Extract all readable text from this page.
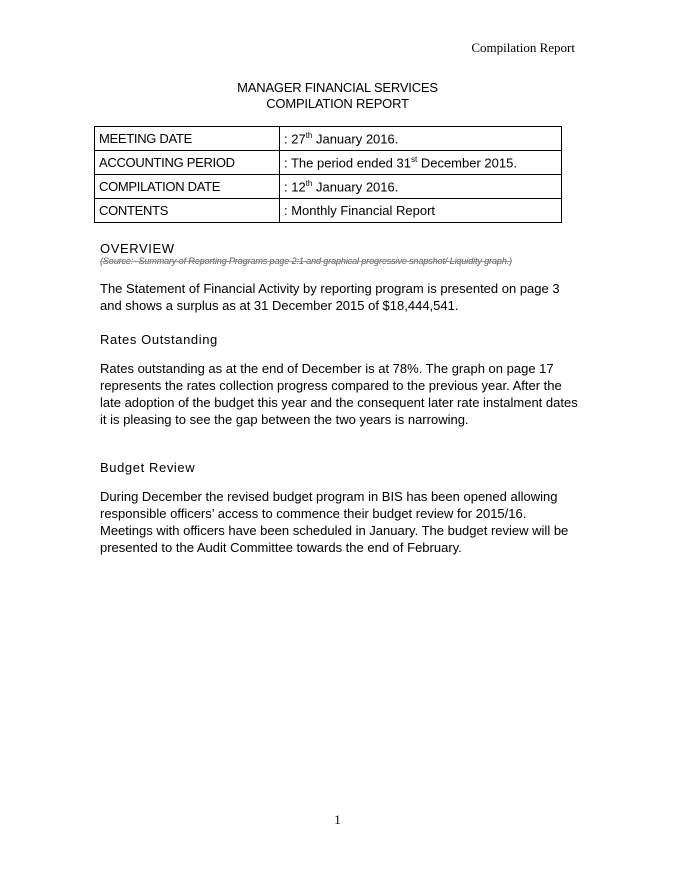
Compilation Report
MANAGER FINANCIAL SERVICES
COMPILATION REPORT
MEETING DATE	: 27th January 2016.
ACCOUNTING PERIOD	: The period ended 31st December 2015.
COMPILATION DATE	: 12th January 2016.
CONTENTS	: Monthly Financial Report
OVERVIEW
(Source:- Summary of Reporting Programs page 2:1 and graphical progressive snapshot/ Liquidity graph.)
The Statement of Financial Activity by reporting program is presented on page 3 and shows a surplus as at 31 December 2015 of $18,444,541.
Rates Outstanding
Rates outstanding as at the end of December is at 78%. The graph on page 17 represents the rates collection progress compared to the previous year. After the late adoption of the budget this year and the consequent later rate instalment dates it is pleasing to see the gap between the two years is narrowing.
Budget Review
During December the revised budget program in BIS has been opened allowing responsible officers’ access to commence their budget review for 2015/16. Meetings with officers have been scheduled in January. The budget review will be presented to the Audit Committee towards the end of February.
1
